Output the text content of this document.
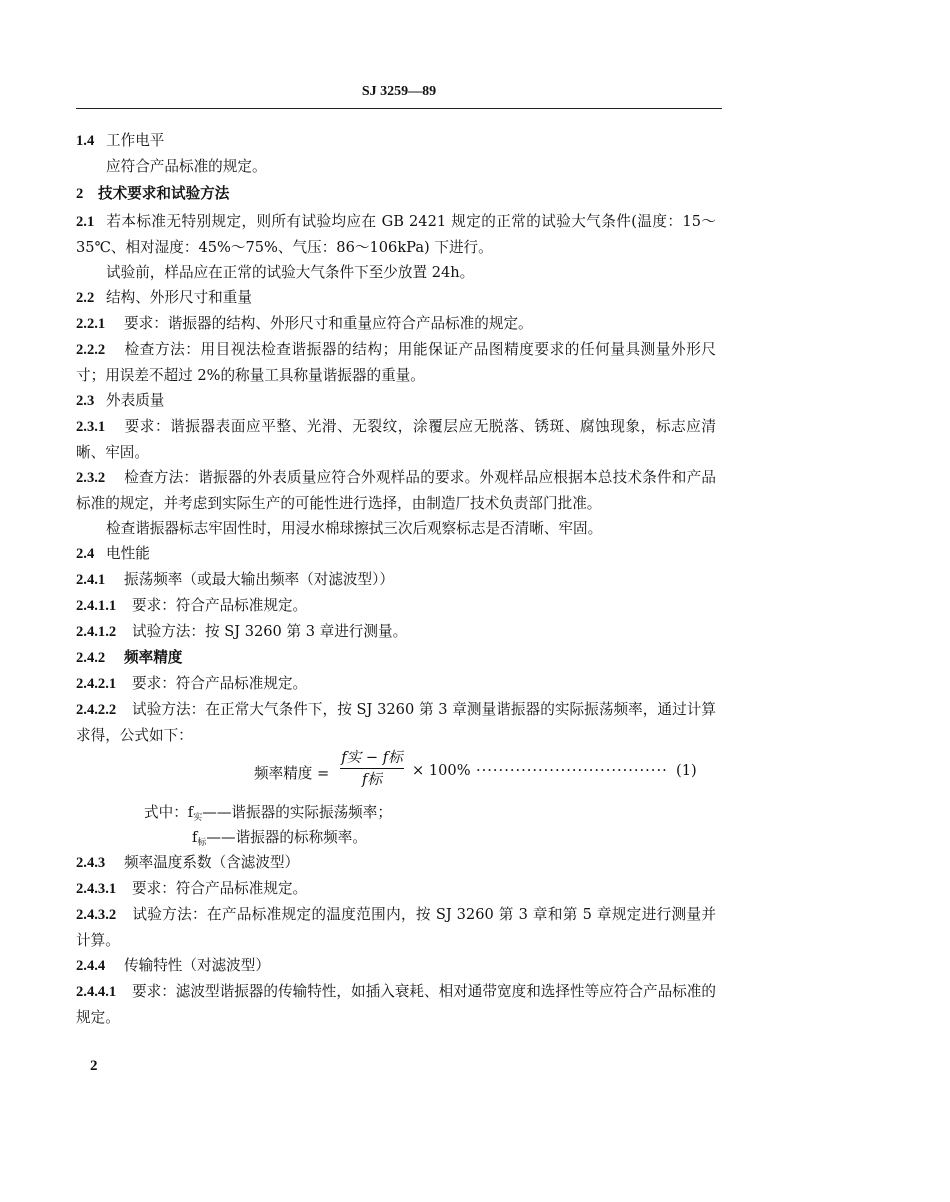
SJ 3259—89

1.4 工作电平

应符合产品标准的规定。

2 技术要求和试验方法

2.1 若本标准无特别规定，则所有试验均应在 GB 2421 规定的正常的试验大气条件(温度：15～35℃、相对湿度：45%～75%、气压：86～106kPa) 下进行。

试验前，样品应在正常的试验大气条件下至少放置 24h。

2.2 结构、外形尺寸和重量

2.2.1 要求：谐振器的结构、外形尺寸和重量应符合产品标准的规定。

2.2.2 检查方法：用目视法检查谐振器的结构；用能保证产品图精度要求的任何量具测量外形尺寸；用误差不超过 2%的称量工具称量谐振器的重量。

2.3 外表质量

2.3.1 要求：谐振器表面应平整、光滑、无裂纹，涂覆层应无脱落、锈斑、腐蚀现象，标志应清晰、牢固。

2.3.2 检查方法：谐振器的外表质量应符合外观样品的要求。外观样品应根据本总技术条件和产品标准的规定，并考虑到实际生产的可能性进行选择，由制造厂技术负责部门批准。

检查谐振器标志牢固性时，用浸水棉球擦拭三次后观察标志是否清晰、牢固。

2.4 电性能

2.4.1 振荡频率（或最大输出频率（对滤波型））

2.4.1.1 要求：符合产品标准规定。

2.4.1.2 试验方法：按 SJ 3260 第 3 章进行测量。

2.4.2 频率精度

2.4.2.1 要求：符合产品标准规定。

2.4.2.2 试验方法：在正常大气条件下，按 SJ 3260 第 3 章测量谐振器的实际振荡频率，通过计算求得，公式如下：

频率精度 =
f实 − f标
f标
× 100% ·································· (1)
式中：$f_实——$谐振器的实际振荡频率；
$f_标——$谐振器的标称频率。

2.4.3 频率温度系数（含滤波型）

2.4.3.1 要求：符合产品标准规定。

2.4.3.2 试验方法：在产品标准规定的温度范围内，按 SJ 3260 第 3 章和第 5 章规定进行测量并计算。

2.4.4 传输特性（对滤波型）

2.4.4.1 要求：滤波型谐振器的传输特性，如插入衰耗、相对通带宽度和选择性等应符合产品标准的规定。

2
